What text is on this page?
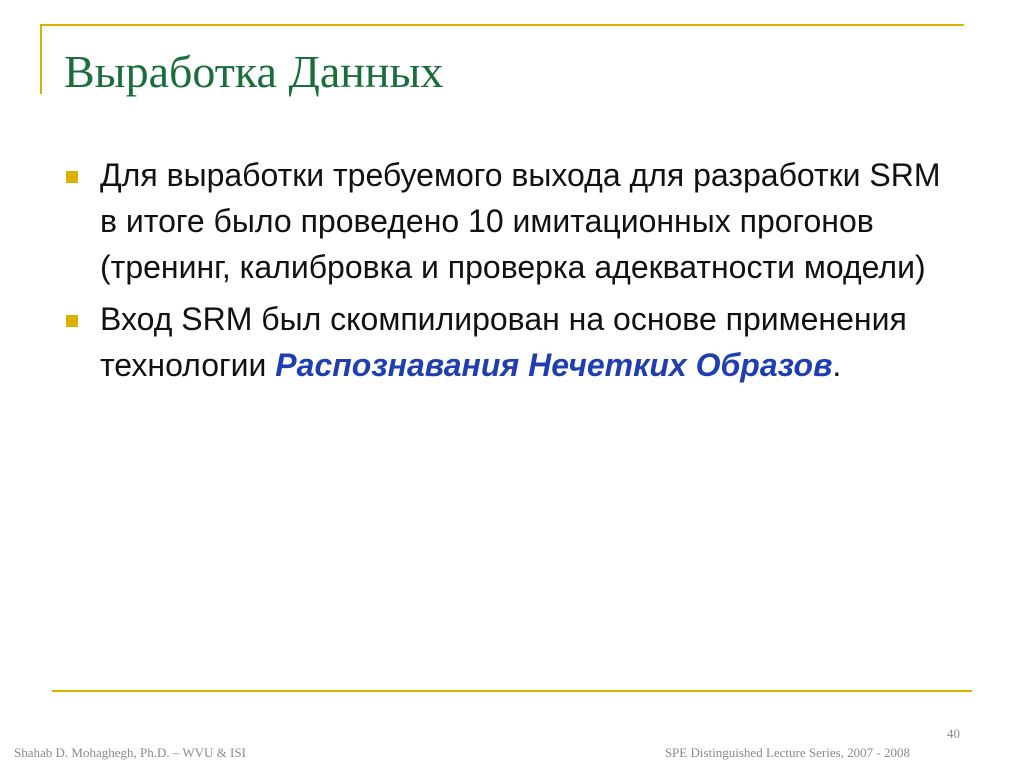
Выработка Данных
Для выработки требуемого выхода для разработки SRM в итоге было проведено 10 имитационных прогонов (тренинг, калибровка и проверка адекватности модели)
Вход SRM был скомпилирован на основе применения технологии Распознавания Нечетких Образов.
40
Shahab D. Mohaghegh, Ph.D. – WVU & ISI	SPE Distinguished Lecture Series, 2007 - 2008
